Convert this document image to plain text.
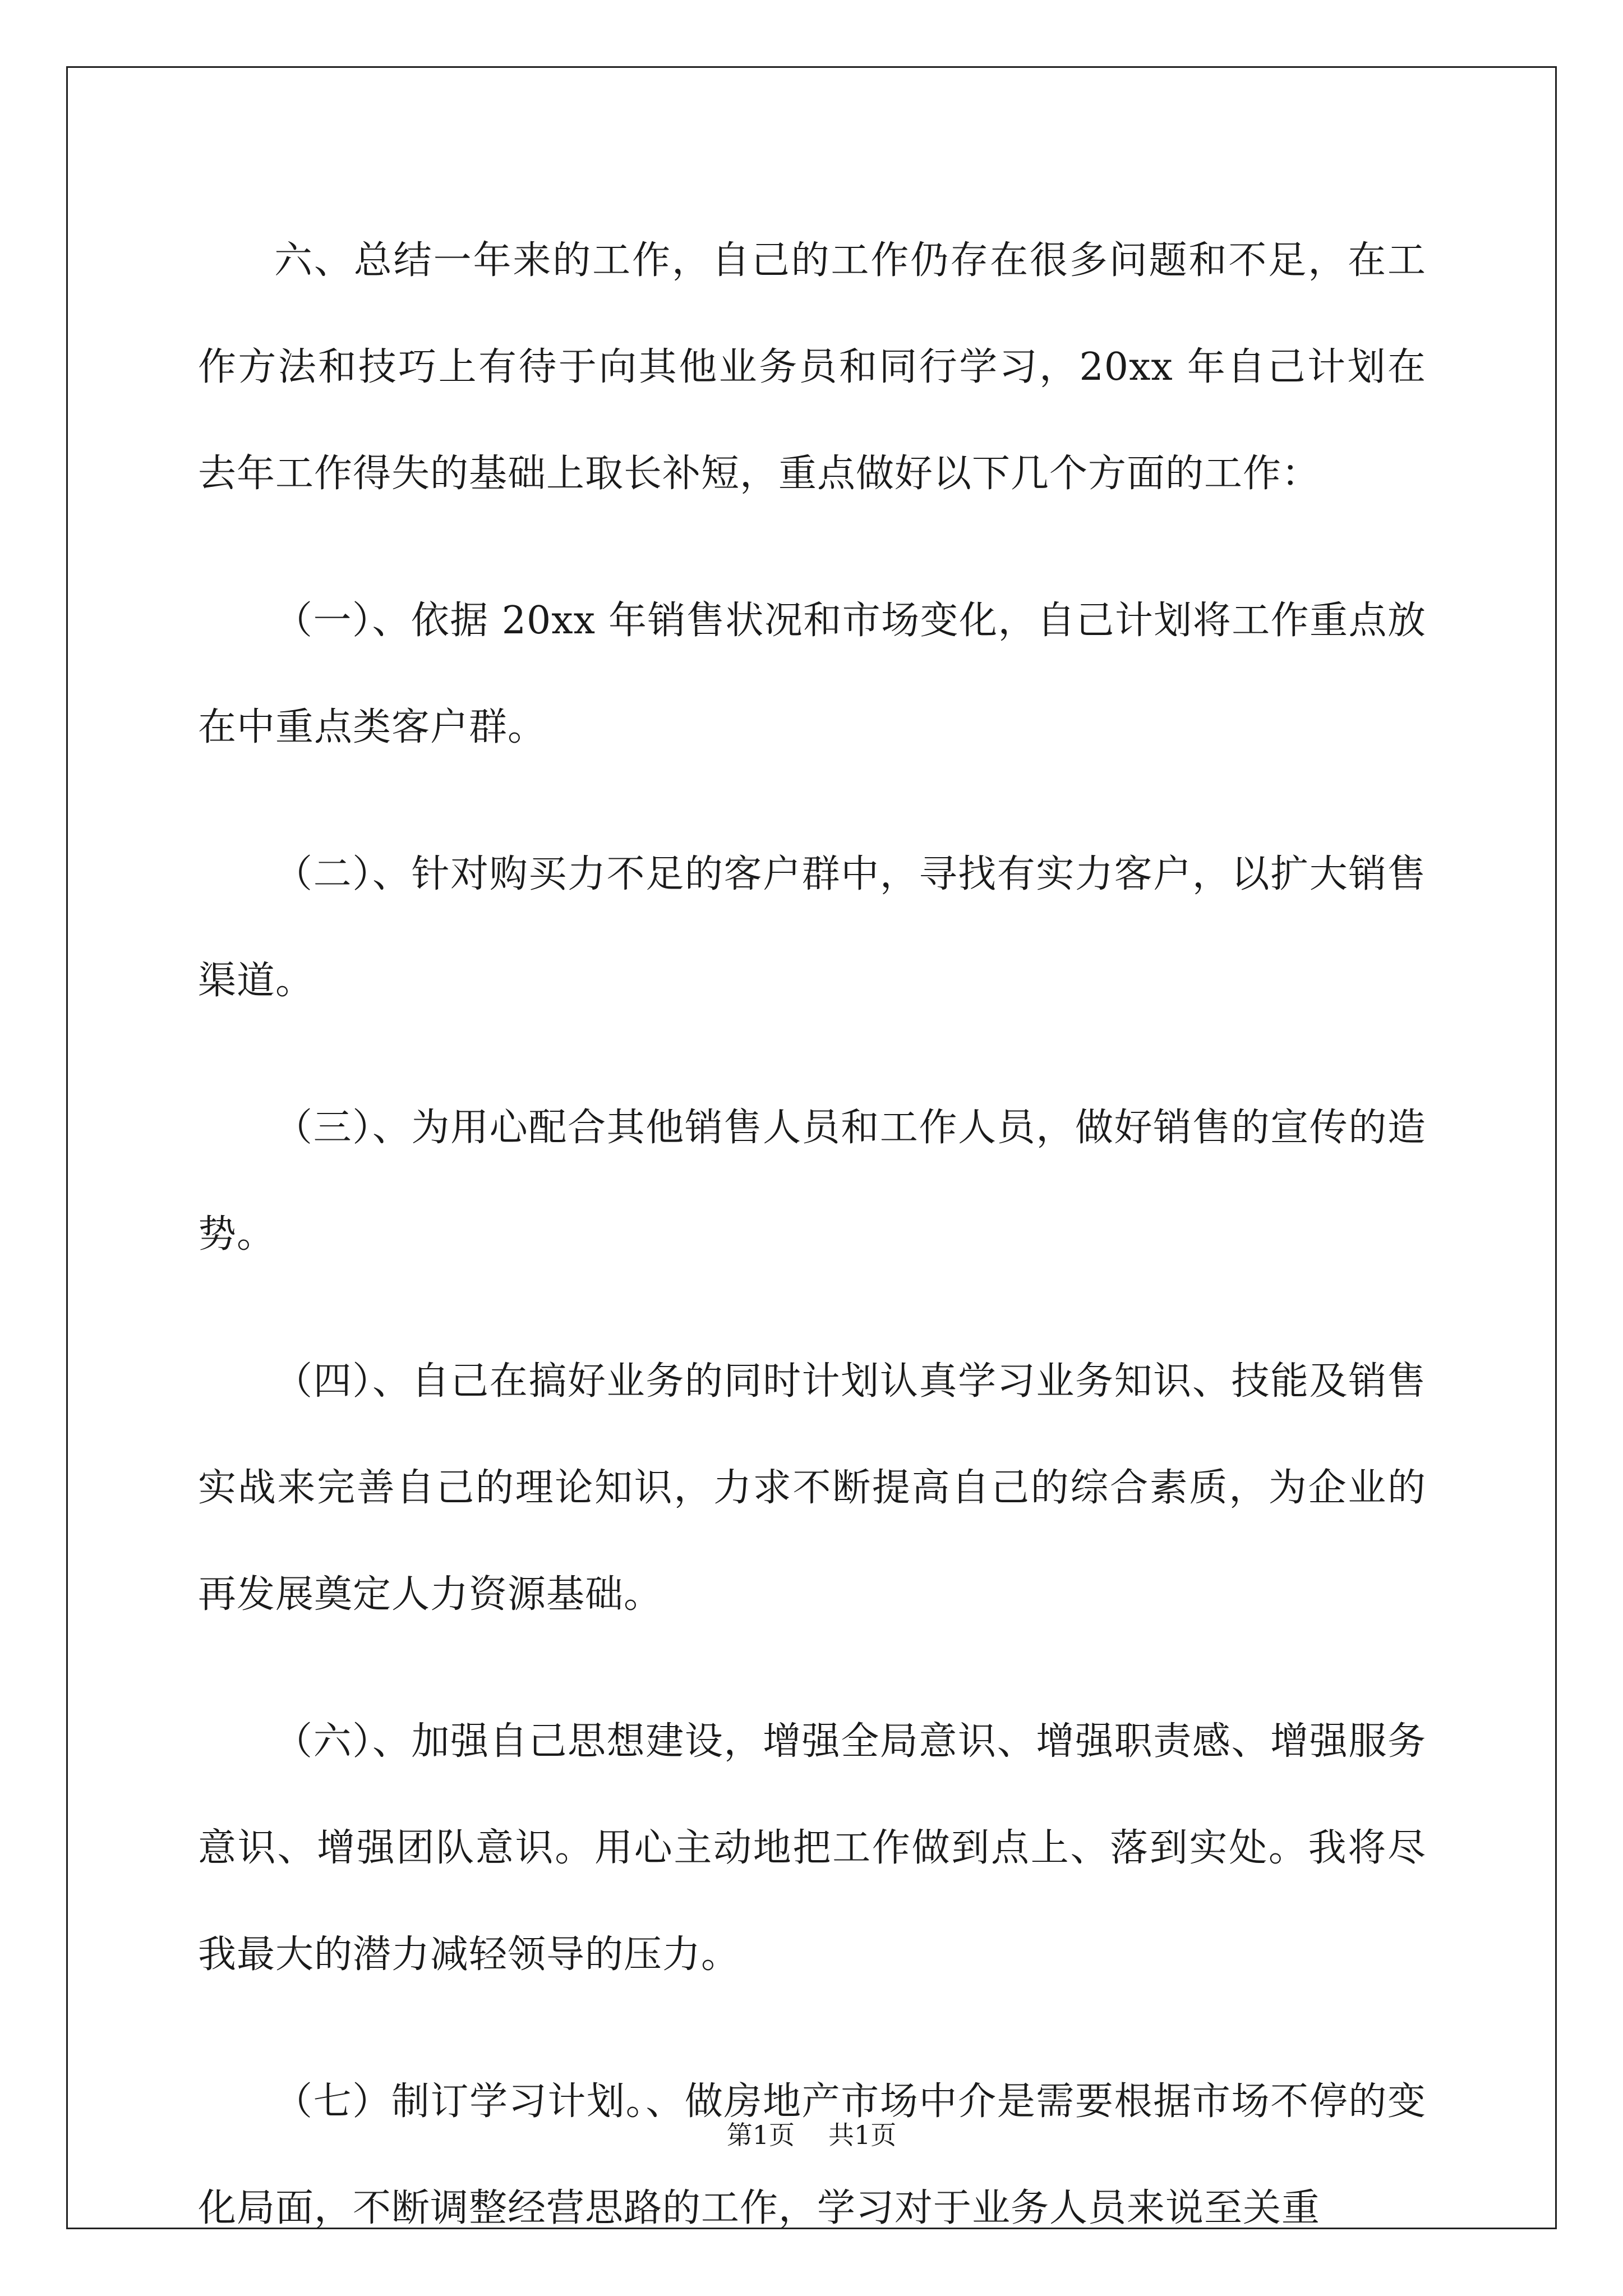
六、总结一年来的工作，自己的工作仍存在很多问题和不足，在工作方法和技巧上有待于向其他业务员和同行学习，20xx 年自己计划在去年工作得失的基础上取长补短，重点做好以下几个方面的工作：

（一）、依据 20xx 年销售状况和市场变化，自己计划将工作重点放在中重点类客户群。

（二）、针对购买力不足的客户群中，寻找有实力客户，以扩大销售渠道。

（三）、为用心配合其他销售人员和工作人员，做好销售的宣传的造势。

（四）、自己在搞好业务的同时计划认真学习业务知识、技能及销售实战来完善自己的理论知识，力求不断提高自己的综合素质，为企业的再发展奠定人力资源基础。

（六）、加强自己思想建设，增强全局意识、增强职责感、增强服务意识、增强团队意识。用心主动地把工作做到点上、落到实处。我将尽我最大的潜力减轻领导的压力。

（七）制订学习计划。、做房地产市场中介是需要根据市场不停的变化局面，不断调整经营思路的工作，学习对于业务人员来说至关重

第1页 共1页
